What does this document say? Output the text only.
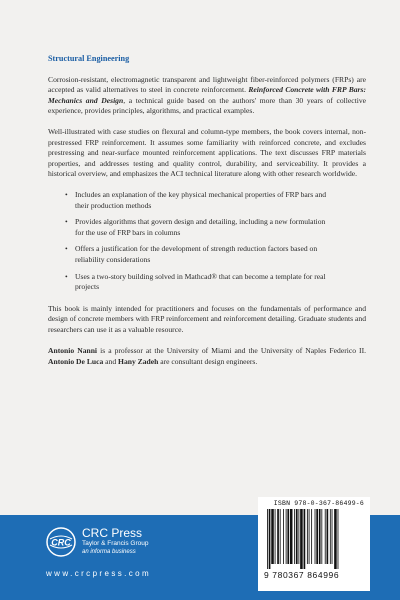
Structural Engineering

Corrosion-resistant, electromagnetic transparent and lightweight fiber-reinforced polymers (FRPs) are accepted as valid alternatives to steel in concrete reinforcement. Reinforced Concrete with FRP Bars: Mechanics and Design, a technical guide based on the authors' more than 30 years of collective experience, provides principles, algorithms, and practical examples.

Well-illustrated with case studies on flexural and column-type members, the book covers internal, non-prestressed FRP reinforcement. It assumes some familiarity with reinforced concrete, and excludes prestressing and near-surface mounted reinforcement applications. The text discusses FRP materials properties, and addresses testing and quality control, durability, and serviceability. It provides a historical overview, and emphasizes the ACI technical literature along with other research worldwide.

• Includes an explanation of the key physical mechanical properties of FRP bars and their production methods
• Provides algorithms that govern design and detailing, including a new formulation for the use of FRP bars in columns
• Offers a justification for the development of strength reduction factors based on reliability considerations
• Uses a two-story building solved in Mathcad® that can become a template for real projects

This book is mainly intended for practitioners and focuses on the fundamentals of performance and design of concrete members with FRP reinforcement and reinforcement detailing. Graduate students and researchers can use it as a valuable resource.

Antonio Nanni is a professor at the University of Miami and the University of Naples Federico II. Antonio De Luca and Hany Zadeh are consultant design engineers.

CRC
CRC Press
Taylor & Francis Group
an informa business
www.crcpress.com
ISBN 978-0-367-86499-6
9 780367 864996
